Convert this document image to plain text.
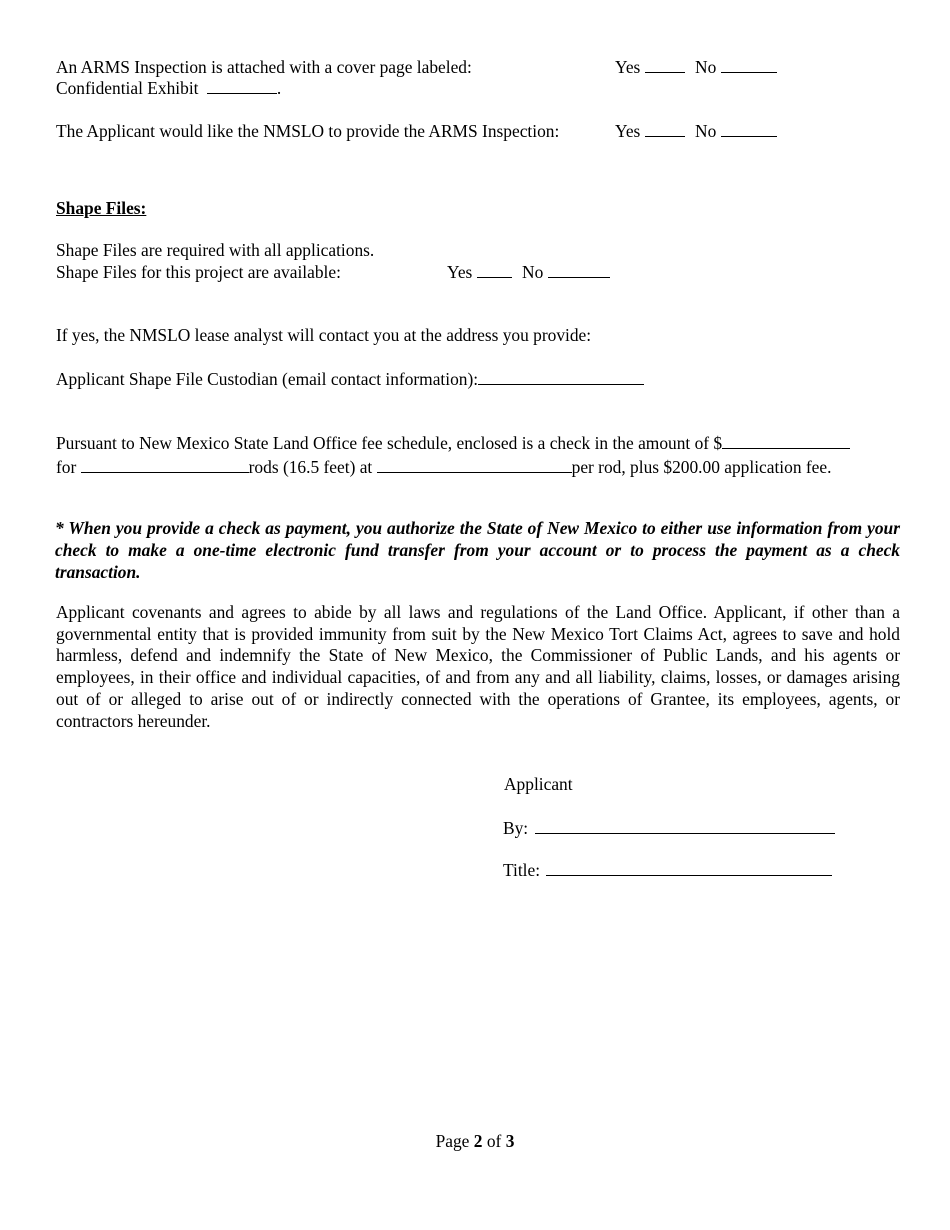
An ARMS Inspection is attached with a cover page labeled:	Yes	No
Confidential Exhibit	.
The Applicant would like the NMSLO to provide the ARMS Inspection:	Yes	No
Shape Files:
Shape Files are required with all applications.
Shape Files for this project are available:	Yes	No
If yes, the NMSLO lease analyst will contact you at the address you provide:
Applicant Shape File Custodian (email contact information):
Pursuant to New Mexico State Land Office fee schedule, enclosed is a check in the amount of $
for	rods (16.5 feet) at	per rod, plus $200.00 application fee.
* When you provide a check as payment, you authorize the State of New Mexico to either use information from your check to make a one-time electronic fund transfer from your account or to process the payment as a check transaction.
Applicant covenants and agrees to abide by all laws and regulations of the Land Office. Applicant, if other than a governmental entity that is provided immunity from suit by the New Mexico Tort Claims Act, agrees to save and hold harmless, defend and indemnify the State of New Mexico, the Commissioner of Public Lands, and his agents or employees, in their office and individual capacities, of and from any and all liability, claims, losses, or damages arising out of or alleged to arise out of or indirectly connected with the operations of Grantee, its employees, agents, or contractors hereunder.
Applicant
By:
Title:
Page 2 of 3
